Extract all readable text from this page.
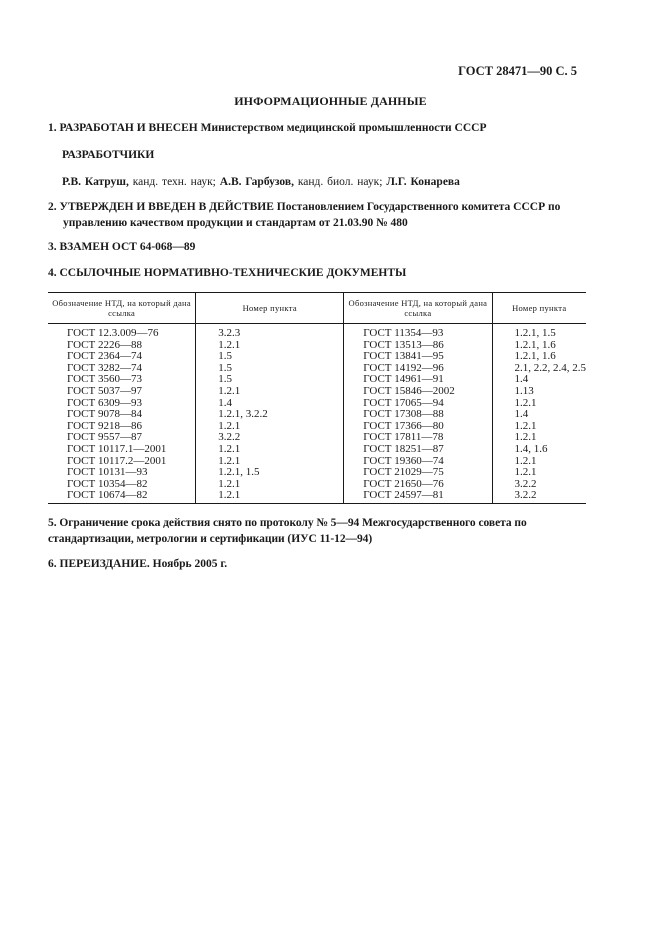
ГОСТ 28471—90 С. 5
ИНФОРМАЦИОННЫЕ ДАННЫЕ
1. РАЗРАБОТАН И ВНЕСЕН Министерством медицинской промышленности СССР
РАЗРАБОТЧИКИ
Р.В. Катруш, канд. техн. наук; А.В. Гарбузов, канд. биол. наук; Л.Г. Конарева
2. УТВЕРЖДЕН И ВВЕДЕН В ДЕЙСТВИЕ Постановлением Государственного комитета СССР по управлению качеством продукции и стандартам от 21.03.90 № 480
3. ВЗАМЕН ОСТ 64-068—89
4. ССЫЛОЧНЫЕ НОРМАТИВНО-ТЕХНИЧЕСКИЕ ДОКУМЕНТЫ
Обозначение НТД, на который дана ссылка	Номер пункта	Обозначение НТД, на который дана ссылка	Номер пункта
ГОСТ 12.3.009—76	3.2.3	ГОСТ 11354—93	1.2.1, 1.5
ГОСТ 2226—88	1.2.1	ГОСТ 13513—86	1.2.1, 1.6
ГОСТ 2364—74	1.5	ГОСТ 13841—95	1.2.1, 1.6
ГОСТ 3282—74	1.5	ГОСТ 14192—96	2.1, 2.2, 2.4, 2.5
ГОСТ 3560—73	1.5	ГОСТ 14961—91	1.4
ГОСТ 5037—97	1.2.1	ГОСТ 15846—2002	1.13
ГОСТ 6309—93	1.4	ГОСТ 17065—94	1.2.1
ГОСТ 9078—84	1.2.1, 3.2.2	ГОСТ 17308—88	1.4
ГОСТ 9218—86	1.2.1	ГОСТ 17366—80	1.2.1
ГОСТ 9557—87	3.2.2	ГОСТ 17811—78	1.2.1
ГОСТ 10117.1—2001	1.2.1	ГОСТ 18251—87	1.4, 1.6
ГОСТ 10117.2—2001	1.2.1	ГОСТ 19360—74	1.2.1
ГОСТ 10131—93	1.2.1, 1.5	ГОСТ 21029—75	1.2.1
ГОСТ 10354—82	1.2.1	ГОСТ 21650—76	3.2.2
ГОСТ 10674—82	1.2.1	ГОСТ 24597—81	3.2.2
5. Ограничение срока действия снято по протоколу № 5—94 Межгосударственного совета по стандартизации, метрологии и сертификации (ИУС 11-12—94)
6. ПЕРЕИЗДАНИЕ. Ноябрь 2005 г.
